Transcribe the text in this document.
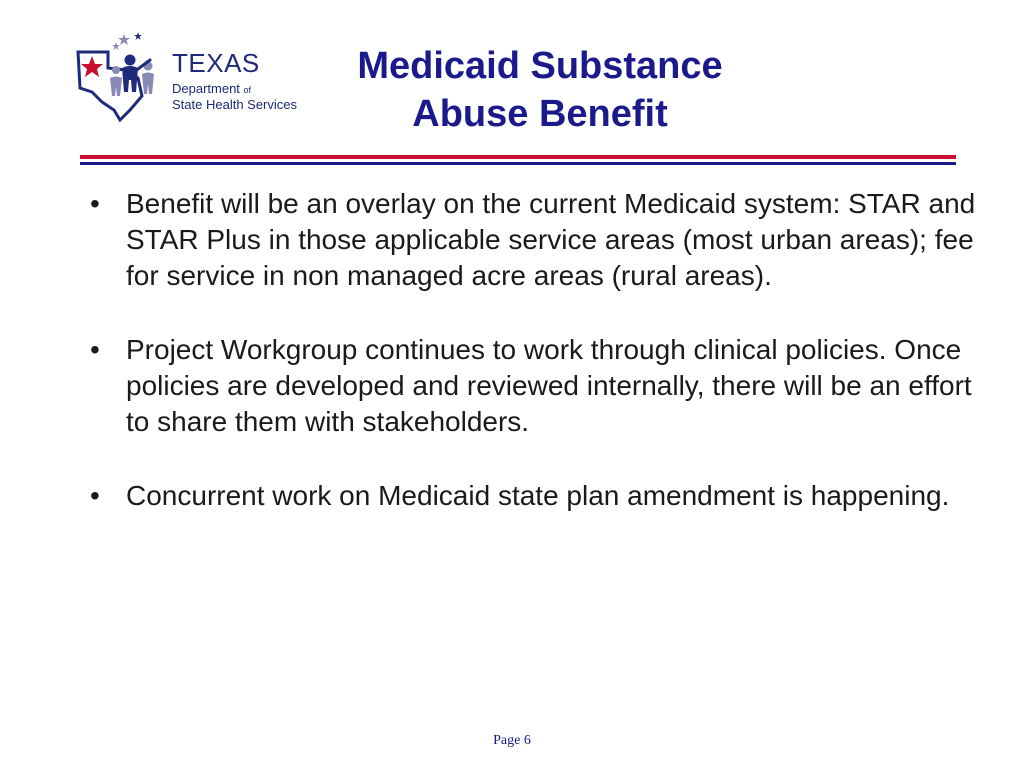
TEXAS
Department of
State Health Services
Medicaid Substance
Abuse Benefit
• Benefit will be an overlay on the current Medicaid system: STAR and STAR Plus in those applicable service areas (most urban areas); fee for service in non managed acre areas (rural areas).
• Project Workgroup continues to work through clinical policies. Once policies are developed and reviewed internally, there will be an effort to share them with stakeholders.
• Concurrent work on Medicaid state plan amendment is happening.
Page 6
